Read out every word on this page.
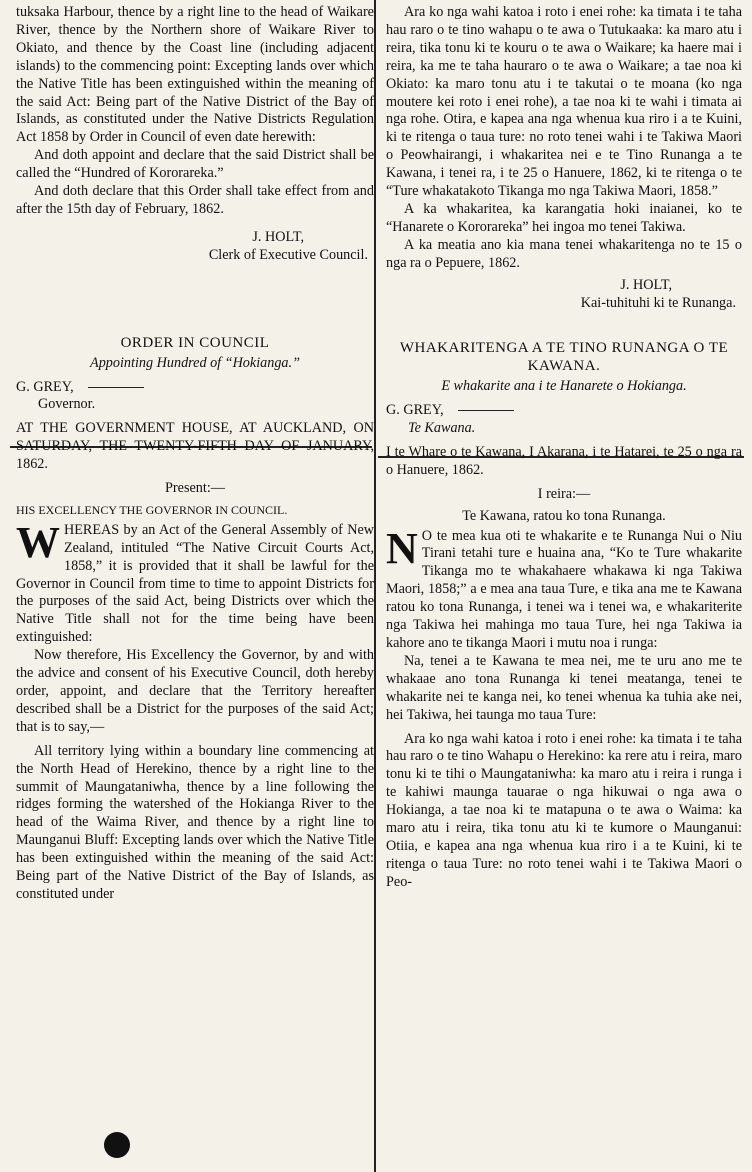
tuksaka Harbour, thence by a right line to the head of Waikare River, thence by the Northern shore of Waikare River to Okiato, and thence by the Coast line (including adjacent islands) to the commencing point: Excepting lands over which the Native Title has been extinguished within the meaning of the said Act: Being part of the Native District of the Bay of Islands, as constituted under the Native Districts Regulation Act 1858 by Order in Council of even date herewith:

And doth appoint and declare that the said District shall be called the “Hundred of Kororareka.”

And doth declare that this Order shall take effect from and after the 15th day of February, 1862.

J. HOLT,

Clerk of Executive Council.

ORDER IN COUNCIL

Appointing Hundred of “Hokianga.”

G. GREY,

Governor.

AT THE GOVERNMENT HOUSE, AT AUCKLAND, ON SATURDAY, THE TWENTY-FIFTH DAY OF JANUARY, 1862.

Present:—

HIS EXCELLENCY THE GOVERNOR IN COUNCIL.

WHEREAS by an Act of the General Assembly of New Zealand, intituled “The Native Circuit Courts Act, 1858,” it is provided that it shall be lawful for the Governor in Council from time to time to appoint Districts for the purposes of the said Act, being Districts over which the Native Title shall not for the time being have been extinguished:

Now therefore, His Excellency the Governor, by and with the advice and consent of his Executive Council, doth hereby order, appoint, and declare that the Territory hereafter described shall be a District for the purposes of the said Act; that is to say,—

All territory lying within a boundary line commencing at the North Head of Herekino, thence by a right line to the summit of Maungataniwha, thence by a line following the ridges forming the watershed of the Hokianga River to the head of the Waima River, and thence by a right line to Maunganui Bluff: Excepting lands over which the Native Title has been extinguished within the meaning of the said Act: Being part of the Native District of the Bay of Islands, as constituted under

Ara ko nga wahi katoa i roto i enei rohe: ka timata i te taha hau raro o te tino wahapu o te awa o Tutukaaka: ka maro atu i reira, tika tonu ki te kouru o te awa o Waikare; ka haere mai i reira, ka me te taha hauraro o te awa o Waikare; a tae noa ki Okiato: ka maro tonu atu i te takutai o te moana (ko nga moutere kei roto i enei rohe), a tae noa ki te wahi i timata ai nga rohe. Otira, e kapea ana nga whenua kua riro i a te Kuini, ki te ritenga o taua ture: no roto tenei wahi i te Takiwa Maori o Peowhairangi, i whakaritea nei e te Tino Runanga a te Kawana, i tenei ra, i te 25 o Hanuere, 1862, ki te ritenga o te “Ture whakatakoto Tikanga mo nga Takiwa Maori, 1858.”

A ka whakaritea, ka karangatia hoki inaianei, ko te “Hanarete o Kororareka” hei ingoa mo tenei Takiwa.

A ka meatia ano kia mana tenei whakaritenga no te 15 o nga ra o Pepuere, 1862.

J. HOLT,

Kai-tuhituhi ki te Runanga.

WHAKARITENGA A TE TINO RUNANGA O TE KAWANA.

E whakarite ana i te Hanarete o Hokianga.

G. GREY,

Te Kawana.

I te Whare o te Kawana, I Akarana, i te Hatarei, te 25 o nga ra o Hanuere, 1862.

I reira:—

Te Kawana, ratou ko tona Runanga.

N O te mea kua oti te whakarite e te Runanga Nui o Niu Tirani tetahi ture e huaina ana, “Ko te Ture whakarite Tikanga mo te whakahaere whakawa ki nga Takiwa Maori, 1858;” a e mea ana taua Ture, e tika ana me te Kawana ratou ko tona Runanga, i tenei wa i tenei wa, e whakariterite nga Takiwa hei mahinga mo taua Ture, hei nga Takiwa ia kahore ano te tikanga Maori i mutu noa i runga:

Na, tenei a te Kawana te mea nei, me te uru ano me te whakaae ano tona Runanga ki tenei meatanga, tenei te whakarite nei te kanga nei, ko tenei whenua ka tuhia ake nei, hei Takiwa, hei taunga mo taua Ture:

Ara ko nga wahi katoa i roto i enei rohe: ka timata i te taha hau raro o te tino Wahapu o Herekino: ka rere atu i reira, maro tonu ki te tihi o Maungataniwha: ka maro atu i reira i runga i te kahiwi maunga tauarae o nga hikuwai o nga awa o Hokianga, a tae noa ki te matapuna o te awa o Waima: ka maro atu i reira, tika tonu atu ki te kumore o Maunganui: Otiia, e kapea ana nga whenua kua riro i a te Kuini, ki te ritenga o taua Ture: no roto tenei wahi i te Takiwa Maori o Peo-
